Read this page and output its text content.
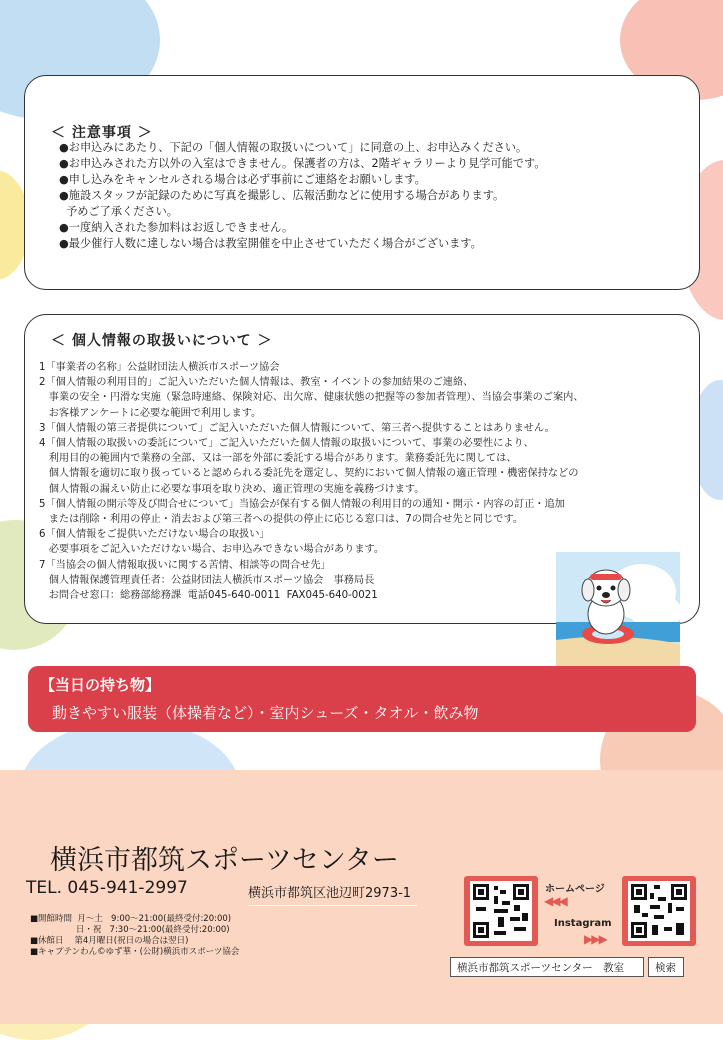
＜ 注意事項 ＞
●お申込みにあたり、下記の「個人情報の取扱いについて」に同意の上、お申込みください。
●お申込みされた方以外の入室はできません。保護者の方は、2階ギャラリーより見学可能です。
●申し込みをキャンセルされる場合は必ず事前にご連絡をお願いします。
●施設スタッフが記録のために写真を撮影し、広報活動などに使用する場合があります。
予めご了承ください。
●一度納入された参加料はお返しできません。
●最少催行人数に達しない場合は教室開催を中止させていただく場合がございます。
＜ 個人情報の取扱いについて ＞
1「事業者の名称」公益財団法人横浜市スポーツ協会
2「個人情報の利用目的」ご記入いただいた個人情報は、教室・イベントの参加結果のご連絡、
事業の安全・円滑な実施（緊急時連絡、保険対応、出欠席、健康状態の把握等の参加者管理）、当協会事業のご案内、
お客様アンケートに必要な範囲で利用します。
3「個人情報の第三者提供について」ご記入いただいた個人情報について、第三者へ提供することはありません。
4「個人情報の取扱いの委託について」ご記入いただいた個人情報の取扱いについて、事業の必要性により、
利用目的の範囲内で業務の全部、又は一部を外部に委託する場合があります。業務委託先に関しては、
個人情報を適切に取り扱っていると認められる委託先を選定し、契約において個人情報の適正管理・機密保持などの
個人情報の漏えい防止に必要な事項を取り決め、適正管理の実施を義務づけます。
5「個人情報の開示等及び問合せについて」当協会が保有する個人情報の利用目的の通知・開示・内容の訂正・追加
または削除・利用の停止・消去および第三者への提供の停止に応じる窓口は、7の問合せ先と同じです。
6「個人情報をご提供いただけない場合の取扱い」
必要事項をご記入いただけない場合、お申込みできない場合があります。
7「当協会の個人情報取扱いに関する苦情、相談等の問合せ先」
個人情報保護管理責任者：公益財団法人横浜市スポーツ協会　事務局長
お問合せ窓口：総務部総務課  電話045-640-0011  FAX045-640-0021
【当日の持ち物】
動きやすい服装（体操着など）・室内シューズ・タオル・飲み物
横浜市都筑スポーツセンター
TEL. 045-941-2997	横浜市都筑区池辺町2973-1
■開館時間  月～土   9:00～21:00(最終受付:20:00)
日・祝   7:30～21:00(最終受付:20:00)
■休館日    第4月曜日(祝日の場合は翌日)
■キャプテンわん©ゆず華・(公財)横浜市スポーツ協会
ホームページ
◀◀◀
Instagram
▶▶▶
横浜市都筑スポーツセンター　教室	検索
